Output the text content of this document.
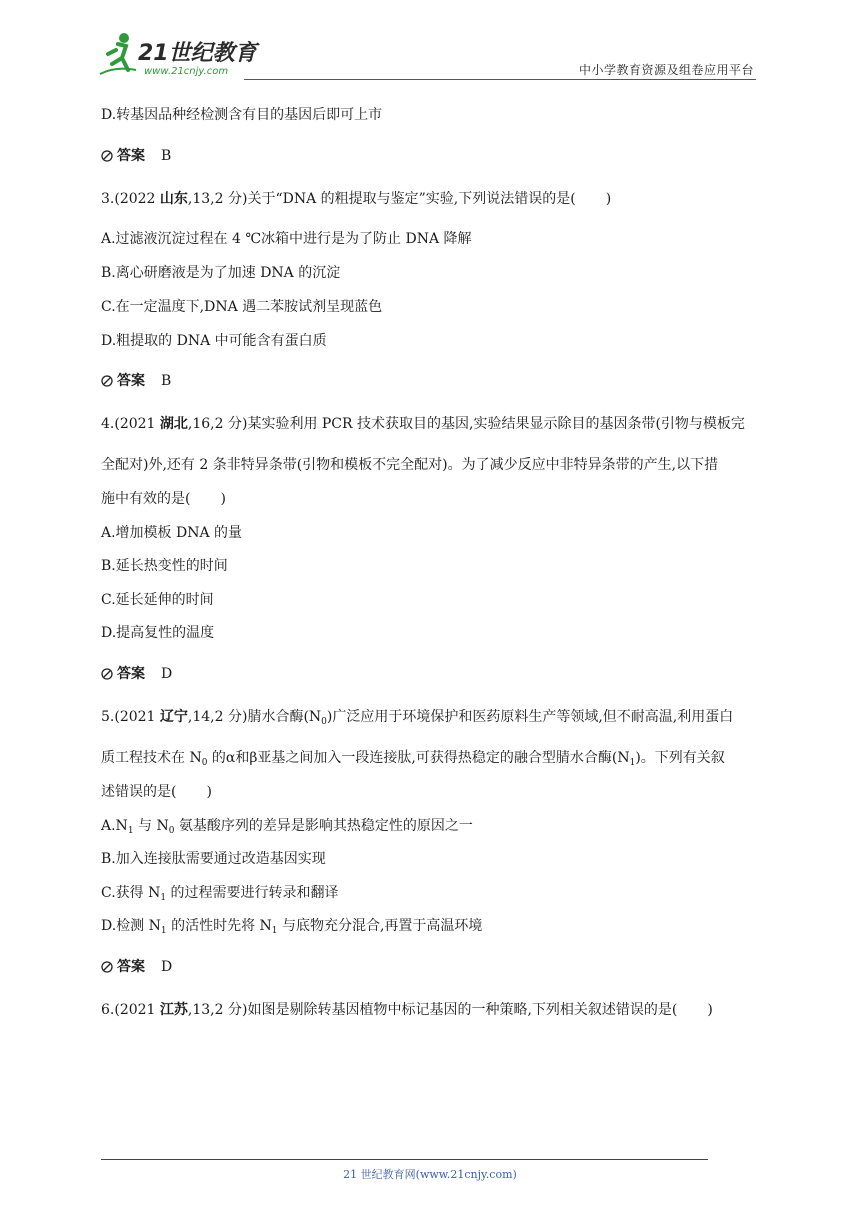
21世纪教育
www.21cnjy.com	中小学教育资源及组卷应用平台
D.转基因品种经检测含有目的基因后即可上市
答案 B
3.(2022 山东,13,2 分)关于“DNA 的粗提取与鉴定”实验,下列说法错误的是( )
A.过滤液沉淀过程在 4 ℃冰箱中进行是为了防止 DNA 降解
B.离心研磨液是为了加速 DNA 的沉淀
C.在一定温度下,DNA 遇二苯胺试剂呈现蓝色
D.粗提取的 DNA 中可能含有蛋白质
答案 B
4.(2021 湖北,16,2 分)某实验利用 PCR 技术获取目的基因,实验结果显示除目的基因条带(引物与模板完
全配对)外,还有 2 条非特异条带(引物和模板不完全配对)。为了减少反应中非特异条带的产生,以下措
施中有效的是( )
A.增加模板 DNA 的量
B.延长热变性的时间
C.延长延伸的时间
D.提高复性的温度
答案 D
5.(2021 辽宁,14,2 分)腈水合酶$(N_0)$广泛应用于环境保护和医药原料生产等领域,但不耐高温,利用蛋白
质工程技术在 $N_0$ 的α和β亚基之间加入一段连接肽,可获得热稳定的融合型腈水合酶$(N_1)$。下列有关叙
述错误的是( )
$A.N_1$ 与 $N_0$ 氨基酸序列的差异是影响其热稳定性的原因之一
B.加入连接肽需要通过改造基因实现
C.获得 $N_1$ 的过程需要进行转录和翻译
D.检测 $N_1$ 的活性时先将 $N_1$ 与底物充分混合,再置于高温环境
答案 D
6.(2021 江苏,13,2 分)如图是剔除转基因植物中标记基因的一种策略,下列相关叙述错误的是( )
21 世纪教育网(www.21cnjy.com)
